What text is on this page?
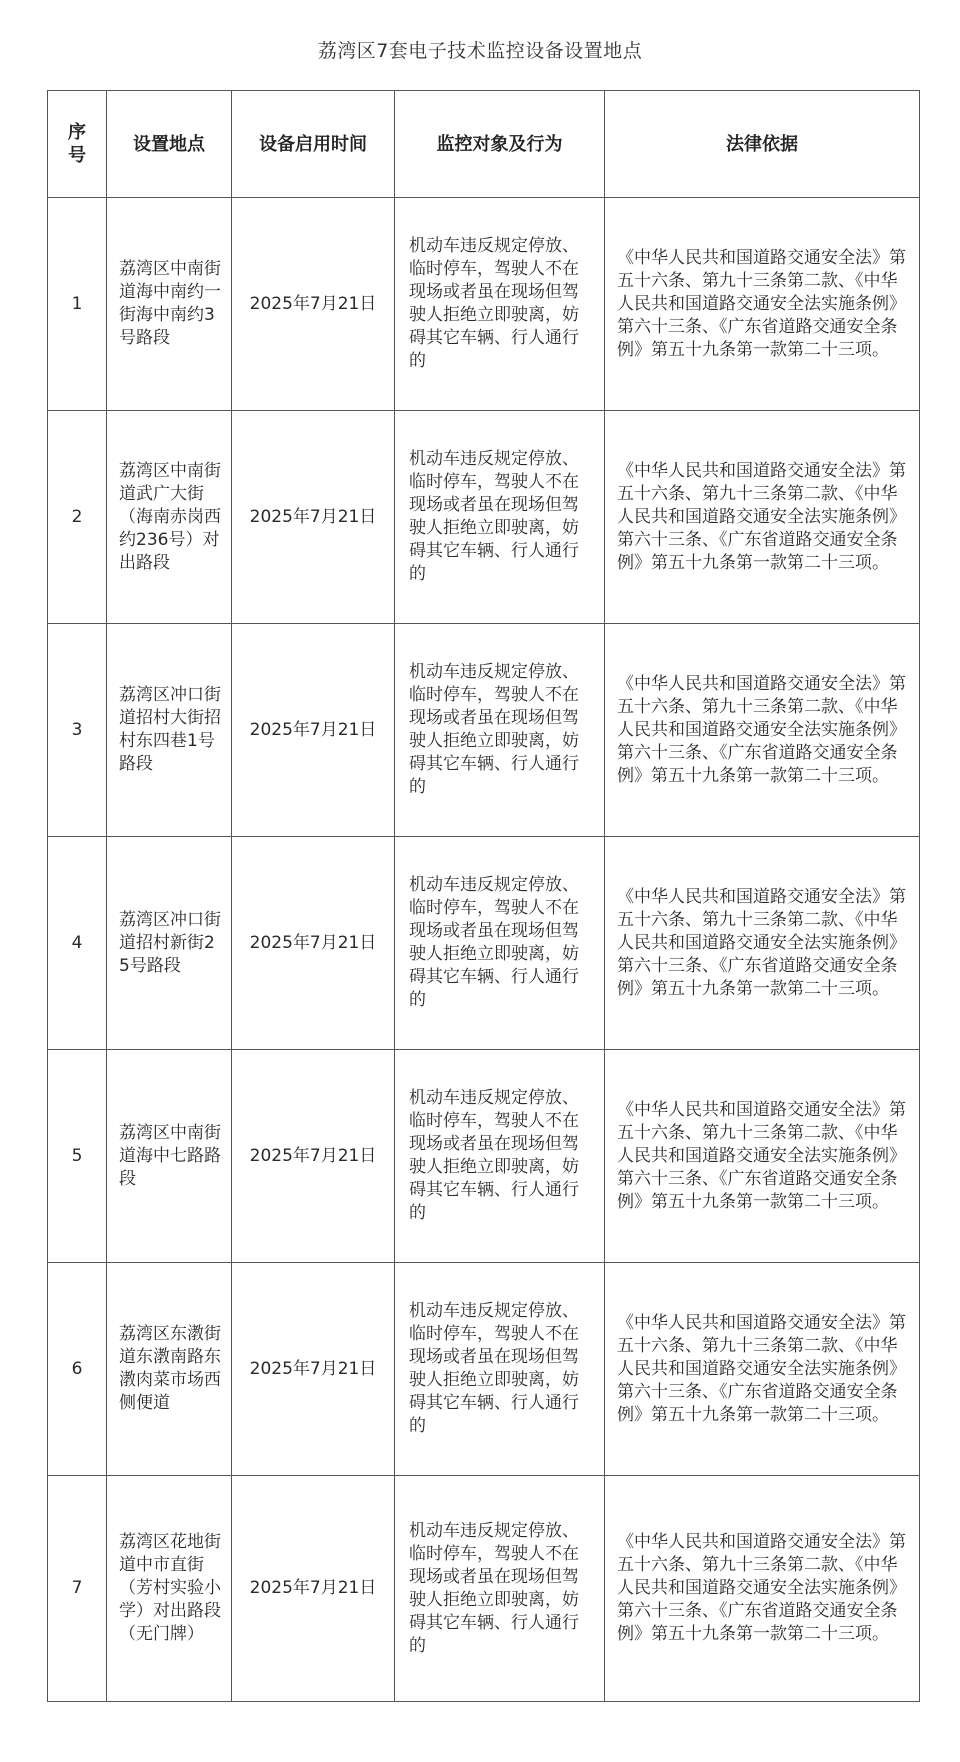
荔湾区7套电子技术监控设备设置地点
序号	设置地点	设备启用时间	监控对象及行为	法律依据

1	荔湾区中南街道海中南约一街海中南约3号路段	2025年7月21日	机动车违反规定停放、临时停车，驾驶人不在现场或者虽在现场但驾驶人拒绝立即驶离，妨碍其它车辆、行人通行的	《中华人民共和国道路交通安全法》第五十六条、第九十三条第二款、《中华人民共和国道路交通安全法实施条例》第六十三条、《广东省道路交通安全条例》第五十九条第一款第二十三项。

2	荔湾区中南街道武广大街（海南赤岗西约236号）对出路段	2025年7月21日	机动车违反规定停放、临时停车，驾驶人不在现场或者虽在现场但驾驶人拒绝立即驶离，妨碍其它车辆、行人通行的	《中华人民共和国道路交通安全法》第五十六条、第九十三条第二款、《中华人民共和国道路交通安全法实施条例》第六十三条、《广东省道路交通安全条例》第五十九条第一款第二十三项。

3	荔湾区冲口街道招村大街招村东四巷1号路段	2025年7月21日	机动车违反规定停放、临时停车，驾驶人不在现场或者虽在现场但驾驶人拒绝立即驶离，妨碍其它车辆、行人通行的	《中华人民共和国道路交通安全法》第五十六条、第九十三条第二款、《中华人民共和国道路交通安全法实施条例》第六十三条、《广东省道路交通安全条例》第五十九条第一款第二十三项。

4	荔湾区冲口街道招村新街25号路段	2025年7月21日	机动车违反规定停放、临时停车，驾驶人不在现场或者虽在现场但驾驶人拒绝立即驶离，妨碍其它车辆、行人通行的	《中华人民共和国道路交通安全法》第五十六条、第九十三条第二款、《中华人民共和国道路交通安全法实施条例》第六十三条、《广东省道路交通安全条例》第五十九条第一款第二十三项。

5	荔湾区中南街道海中七路路段	2025年7月21日	机动车违反规定停放、临时停车，驾驶人不在现场或者虽在现场但驾驶人拒绝立即驶离，妨碍其它车辆、行人通行的	《中华人民共和国道路交通安全法》第五十六条、第九十三条第二款、《中华人民共和国道路交通安全法实施条例》第六十三条、《广东省道路交通安全条例》第五十九条第一款第二十三项。

6	荔湾区东漖街道东漖南路东漖肉菜市场西侧便道	2025年7月21日	机动车违反规定停放、临时停车，驾驶人不在现场或者虽在现场但驾驶人拒绝立即驶离，妨碍其它车辆、行人通行的	《中华人民共和国道路交通安全法》第五十六条、第九十三条第二款、《中华人民共和国道路交通安全法实施条例》第六十三条、《广东省道路交通安全条例》第五十九条第一款第二十三项。

7	荔湾区花地街道中市直街（芳村实验小学）对出路段（无门牌）	2025年7月21日	机动车违反规定停放、临时停车，驾驶人不在现场或者虽在现场但驾驶人拒绝立即驶离，妨碍其它车辆、行人通行的	《中华人民共和国道路交通安全法》第五十六条、第九十三条第二款、《中华人民共和国道路交通安全法实施条例》第六十三条、《广东省道路交通安全条例》第五十九条第一款第二十三项。
